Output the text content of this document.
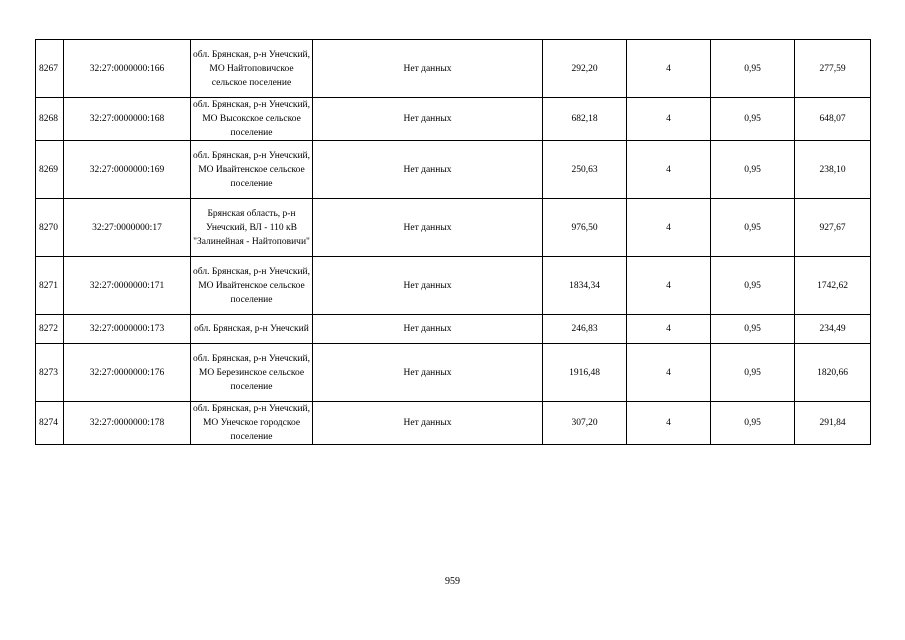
8267	32:27:0000000:166	обл. Брянская, р-н Унечский, МО Найтоповичское сельское поселение	Нет данных	292,20	4	0,95	277,59
8268	32:27:0000000:168	обл. Брянская, р-н Унечский, МО Высокское сельское поселение	Нет данных	682,18	4	0,95	648,07
8269	32:27:0000000:169	обл. Брянская, р-н Унечский, МО Ивайтенское сельское поселение	Нет данных	250,63	4	0,95	238,10
8270	32:27:0000000:17	Брянская область, р-н Унечский, ВЛ - 110 кВ "Залинейная - Найтоповичи"	Нет данных	976,50	4	0,95	927,67
8271	32:27:0000000:171	обл. Брянская, р-н Унечский, МО Ивайтенское сельское поселение	Нет данных	1834,34	4	0,95	1742,62
8272	32:27:0000000:173	обл. Брянская, р-н Унечский	Нет данных	246,83	4	0,95	234,49
8273	32:27:0000000:176	обл. Брянская, р-н Унечский, МО Березинское сельское поселение	Нет данных	1916,48	4	0,95	1820,66
8274	32:27:0000000:178	обл. Брянская, р-н Унечский, МО Унечское городское поселение	Нет данных	307,20	4	0,95	291,84
959
